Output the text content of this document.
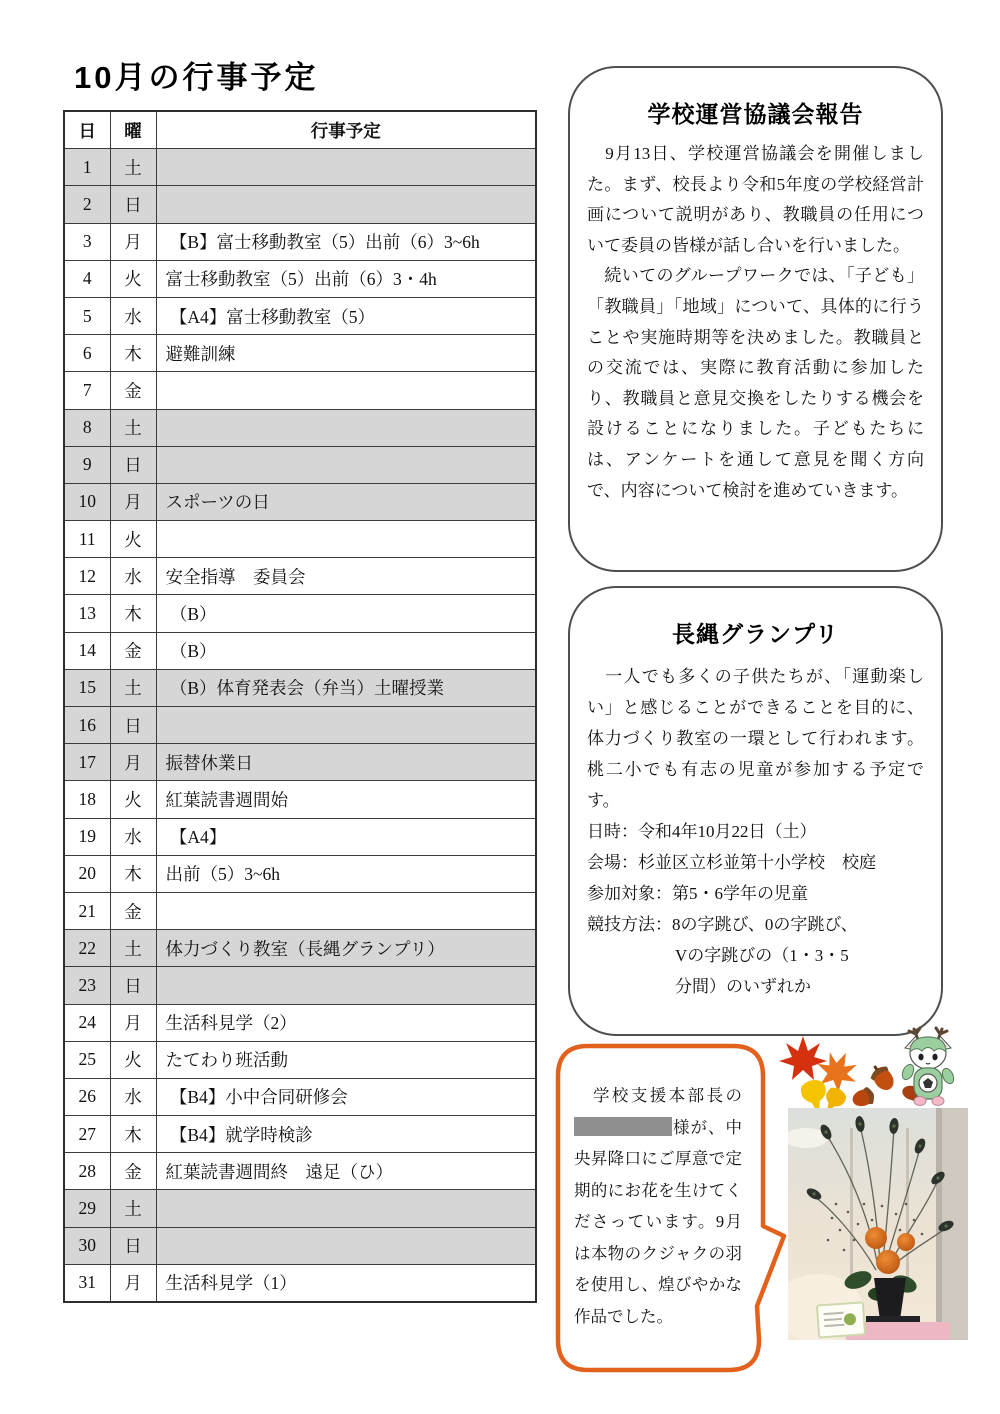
10月の行事予定
日	曜	行事予定
1	土	
2	日	
3	月	【B】富士移動教室（5）出前（6）3~6h
4	火	富士移動教室（5）出前（6）3・4h
5	水	【A4】富士移動教室（5）
6	木	避難訓練
7	金	
8	土	
9	日	
10	月	スポーツの日
11	火	
12	水	安全指導　委員会
13	木	（B）
14	金	（B）
15	土	（B）体育発表会（弁当）土曜授業
16	日	
17	月	振替休業日
18	火	紅葉読書週間始
19	水	【A4】
20	木	出前（5）3~6h
21	金	
22	土	体力づくり教室（長縄グランプリ）
23	日	
24	月	生活科見学（2）
25	火	たてわり班活動
26	水	【B4】小中合同研修会
27	木	【B4】就学時検診
28	金	紅葉読書週間終　遠足（ひ）
29	土	
30	日	
31	月	生活科見学（1）
学校運営協議会報告

　9月13日、学校運営協議会を開催しました。まず、校長より令和5年度の学校経営計画について説明があり、教職員の任用について委員の皆様が話し合いを行いました。

　続いてのグループワークでは、「子ども」「教職員」「地域」について、具体的に行うことや実施時期等を決めました。教職員との交流では、実際に教育活動に参加したり、教職員と意見交換をしたりする機会を設けることになりました。子どもたちには、アンケートを通して意見を聞く方向で、内容について検討を進めていきます。

長縄グランプリ

　一人でも多くの子供たちが、「運動楽しい」と感じることができることを目的に、体力づくり教室の一環として行われます。桃二小でも有志の児童が参加する予定です。

日時：令和4年10月22日（土）
会場：杉並区立杉並第十小学校　校庭
参加対象：第5・6学年の児童
競技方法：8の字跳び、0の字跳び、
Vの字跳びの（1・3・5
分間）のいずれか
　学校支援本部長の様が、中央昇降口にご厚意で定期的にお花を生けてくださっています。9月は本物のクジャクの羽を使用し、煌びやかな作品でした。
